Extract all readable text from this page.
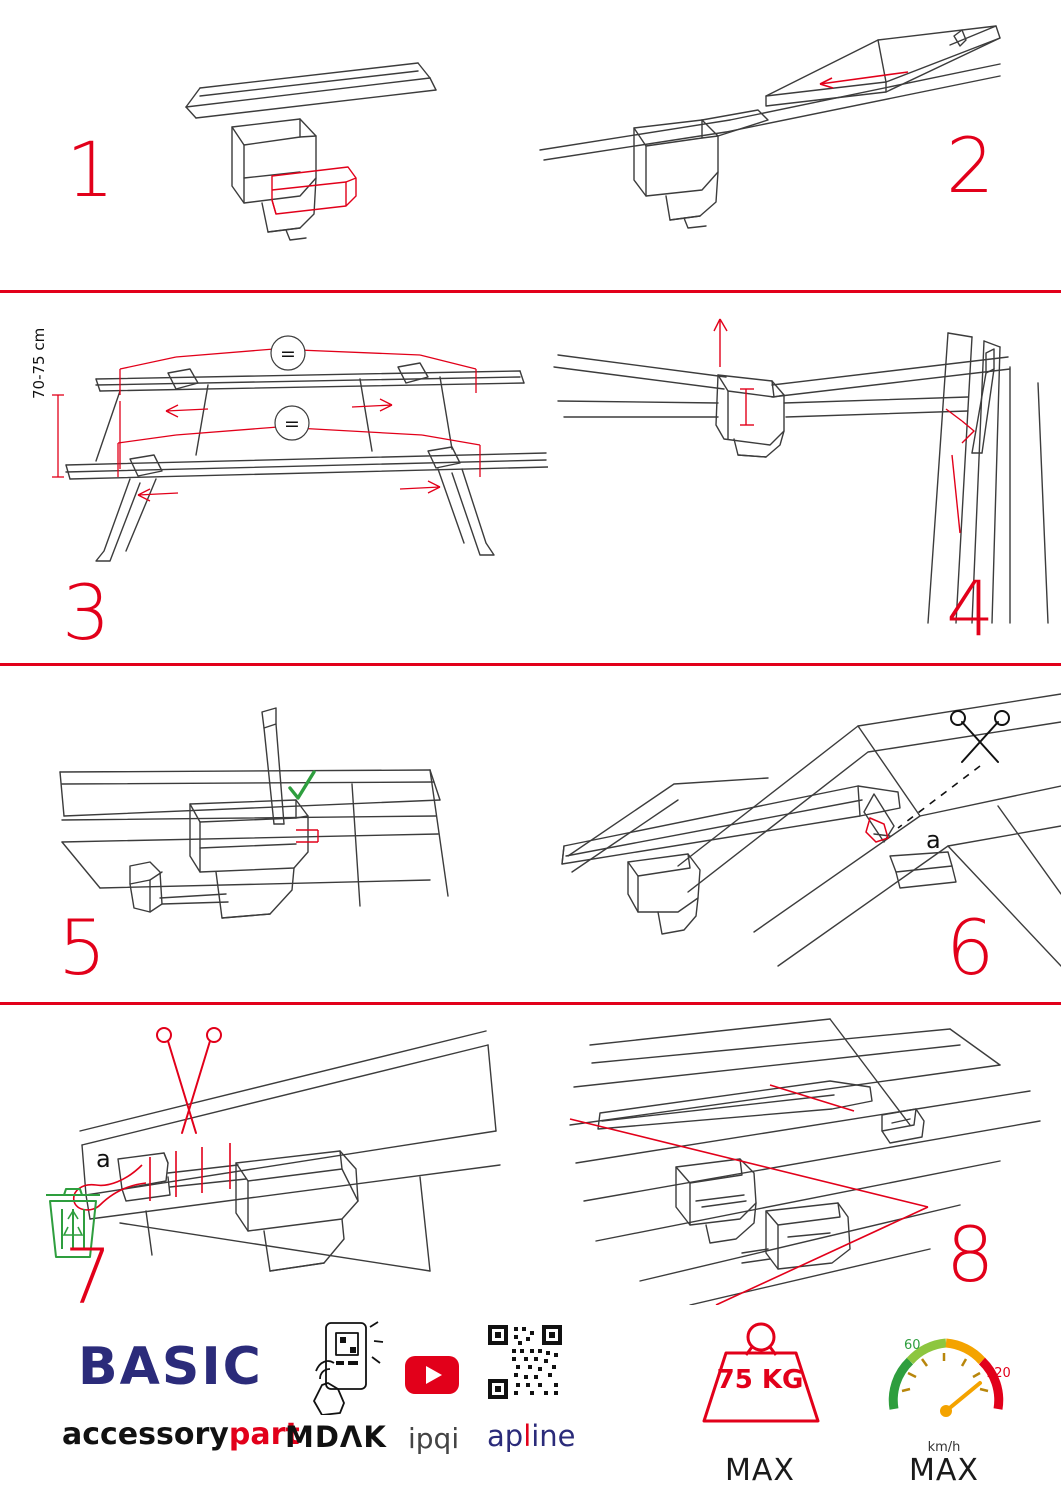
1	2
=
=
70-75 cm
3	4
5
a
6
a
7	8
BASIC
accessorypart
MDΛK ipqi apline
75 KG
MAX
60
120
km/h
MAX
